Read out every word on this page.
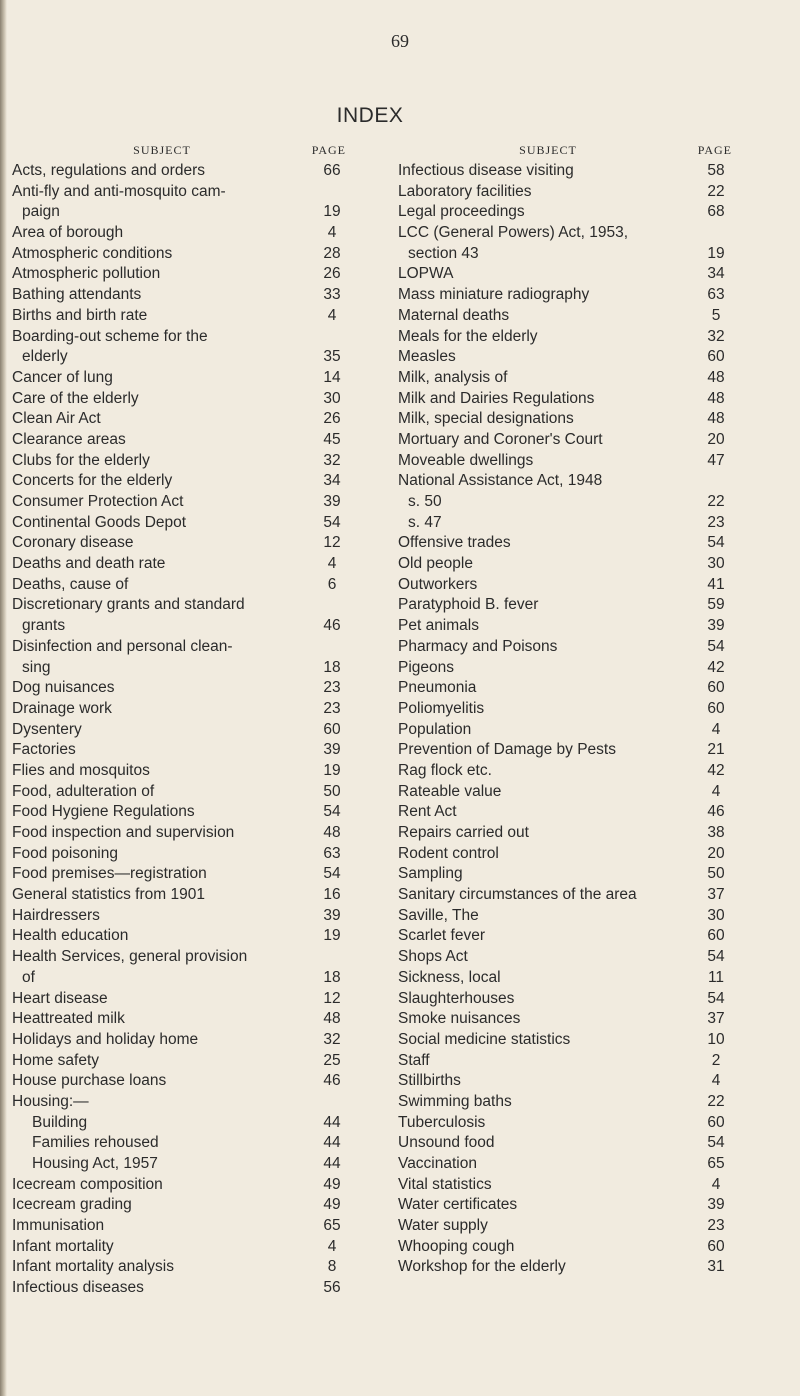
69
INDEX
SUBJECT	PAGE
Acts, regulations and orders	66
Anti-fly and anti-mosquito cam-
paign	19
Area of borough	4
Atmospheric conditions	28
Atmospheric pollution	26
Bathing attendants	33
Births and birth rate	4
Boarding-out scheme for the
elderly	35
Cancer of lung	14
Care of the elderly	30
Clean Air Act	26
Clearance areas	45
Clubs for the elderly	32
Concerts for the elderly	34
Consumer Protection Act	39
Continental Goods Depot	54
Coronary disease	12
Deaths and death rate	4
Deaths, cause of	6
Discretionary grants and standard
grants	46
Disinfection and personal clean-
sing	18
Dog nuisances	23
Drainage work	23
Dysentery	60
Factories	39
Flies and mosquitos	19
Food, adulteration of	50
Food Hygiene Regulations	54
Food inspection and supervision	48
Food poisoning	63
Food premises—registration	54
General statistics from 1901	16
Hairdressers	39
Health education	19
Health Services, general provision
of	18
Heart disease	12
Heattreated milk	48
Holidays and holiday home	32
Home safety	25
House purchase loans	46
Housing:—
Building	44
Families rehoused	44
Housing Act, 1957	44
Icecream composition	49
Icecream grading	49
Immunisation	65
Infant mortality	4
Infant mortality analysis	8
Infectious diseases	56
SUBJECT	PAGE
Infectious disease visiting	58
Laboratory facilities	22
Legal proceedings	68
LCC (General Powers) Act, 1953,
section 43	19
LOPWA	34
Mass miniature radiography	63
Maternal deaths	5
Meals for the elderly	32
Measles	60
Milk, analysis of	48
Milk and Dairies Regulations	48
Milk, special designations	48
Mortuary and Coroner's Court	20
Moveable dwellings	47
National Assistance Act, 1948
s. 50	22
s. 47	23
Offensive trades	54
Old people	30
Outworkers	41
Paratyphoid B. fever	59
Pet animals	39
Pharmacy and Poisons	54
Pigeons	42
Pneumonia	60
Poliomyelitis	60
Population	4
Prevention of Damage by Pests	21
Rag flock etc.	42
Rateable value	4
Rent Act	46
Repairs carried out	38
Rodent control	20
Sampling	50
Sanitary circumstances of the area	37
Saville, The	30
Scarlet fever	60
Shops Act	54
Sickness, local	11
Slaughterhouses	54
Smoke nuisances	37
Social medicine statistics	10
Staff	2
Stillbirths	4
Swimming baths	22
Tuberculosis	60
Unsound food	54
Vaccination	65
Vital statistics	4
Water certificates	39
Water supply	23
Whooping cough	60
Workshop for the elderly	31
